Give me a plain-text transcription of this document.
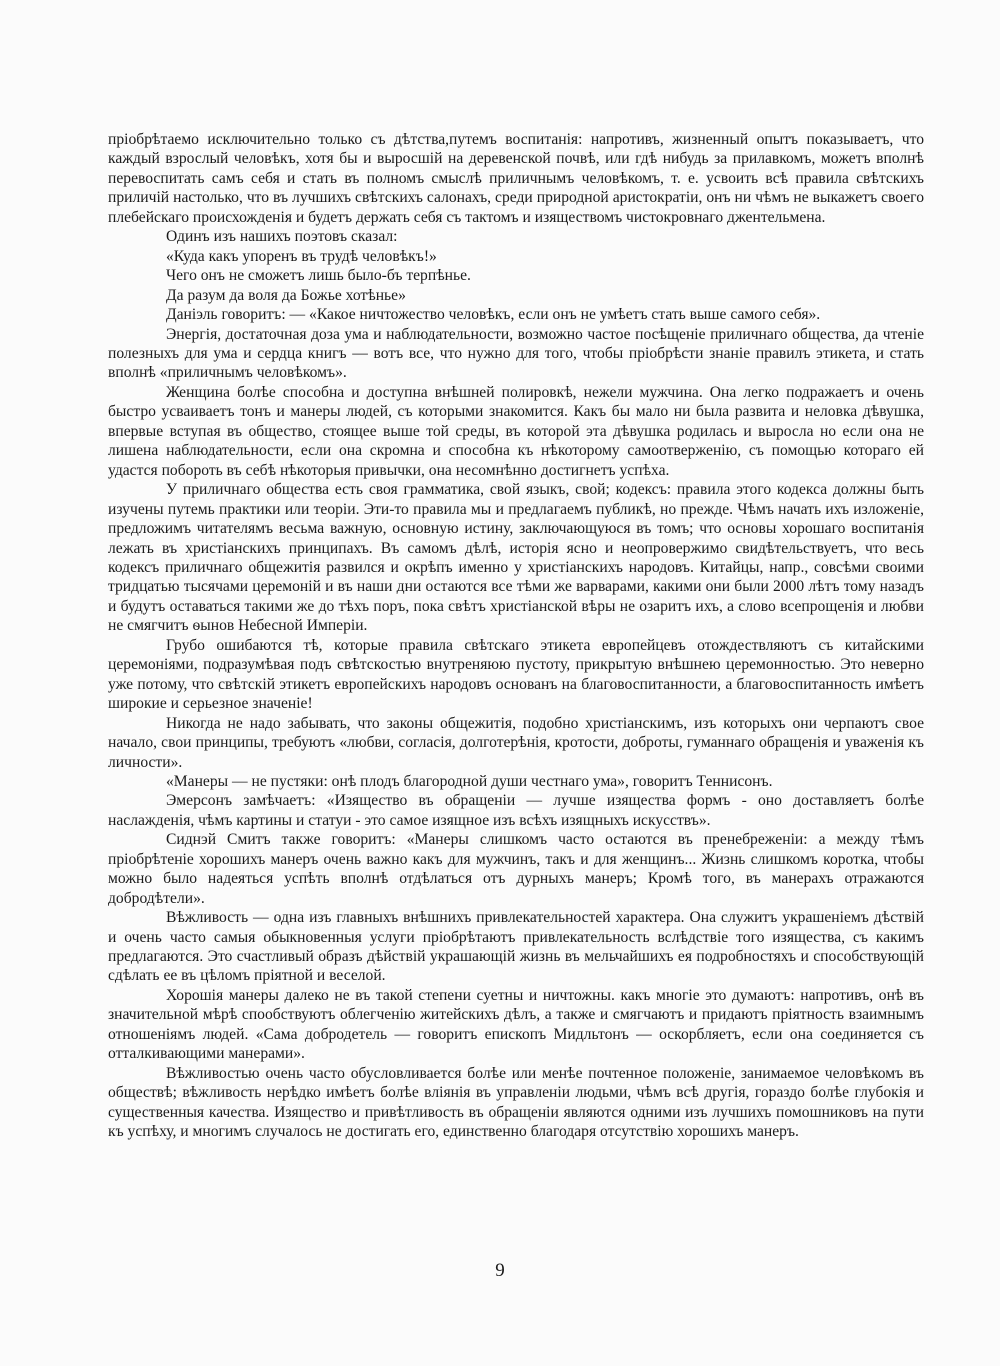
пріобрѣтаемо исключительно только съ дѣтства,путемъ воспитанія: напротивъ, жизненный опытъ показываетъ, что каждый взрослый человѣкъ, хотя бы и выросшій на деревенской почвѣ, или гдѣ нибудь за прилавкомъ, можетъ вполнѣ перевоспитать самъ себя и стать въ полномъ смыслѣ приличнымъ человѣкомъ, т. е. усвоить всѣ правила свѣтскихъ приличій настолько, что въ лучшихъ свѣтскихъ салонахъ, среди природной аристократіи, онъ ни чѣмъ не выкажетъ своего плебейскаго происхожденія и будетъ держать себя съ тактомъ и изяществомъ чистокровнаго джентельмена.

Одинъ изъ нашихъ поэтовъ сказал:

«Куда какъ упоренъ въ трудѣ человѣкъ!»

Чего онъ не сможетъ лишь было-бъ терпѣнье.

Да разум да воля да Божье хотѣнье»

Даніэль говоритъ: — «Какое ничтожество человѣкъ, если онъ не умѣетъ стать выше самого себя».

Энергія, достаточная доза ума и наблюдательности, возможно частое посѣщеніе приличнаго общества, да чтеніе полезныхъ для ума и сердца книгъ — вотъ все, что нужно для того, чтобы пріобрѣсти знаніе правилъ этикета, и стать вполнѣ «приличнымъ человѣкомъ».

Женщина болѣе способна и доступна внѣшней полировкѣ, нежели мужчина. Она легко подражаетъ и очень быстро усваиваетъ тонъ и манеры людей, съ которыми знакомится. Какъ бы мало ни была развита и неловка дѣвушка, впервые вступая въ общество, стоящее выше той среды, въ которой эта дѣвушка родилась и выросла но если она не лишена наблюдательности, если она скромна и способна къ нѣкоторому самоотверженію, съ помощью котораго ей удастся побороть въ себѣ нѣкоторыя привычки, она несомнѣнно достигнетъ успѣха.

У приличнаго общества есть своя грамматика, свой языкъ, свой; кодексъ: правила этого кодекса должны быть изучены путемь практики или теоріи. Эти-то правила мы и предлагаемъ публикѣ, но прежде. Чѣмъ начать ихъ изложеніе, предложимъ читателямъ весьма важную, основную истину, заключающуюся въ томъ; что основы хорошаго воспитанія лежать въ христіанскихъ принципахъ. Въ самомъ дѣлѣ, исторія ясно и неопровержимо свидѣтельствуетъ, что весь кодексъ приличнаго общежитія развился и окрѣпъ именно у христіанскихъ народовъ. Китайцы, напр., совсѣми своими тридцатью тысячами церемоній и въ наши дни остаются все тѣми же варварами, какими они были 2000 лѣтъ тому назадъ и будутъ оставаться такими же до тѣхъ поръ, пока свѣтъ христіанской вѣры не озаритъ ихъ, а слово всепрощенія и любви не смягчитъ ѳынов Небесной Имперіи.

Грубо ошибаются тѣ, которые правила свѣтскаго этикета европейцевъ отождествляютъ съ китайскими церемоніями, подразумѣвая подъ свѣтскостью внутреняюю пустоту, прикрытую внѣшнею церемонностью. Это неверно уже потому, что свѣтскій этикетъ европейскихъ народовъ основанъ на благовоспитанности, а благовоспитанность имѣетъ широкие и серьезное значеніе!

Никогда не надо забывать, что законы общежитія, подобно христіанскимъ, изъ которыхъ они черпаютъ свое начало, свои принципы, требуютъ «любви, согласія, долготерѣнія, кротости, доброты, гуманнаго обращенія и уваженія къ личности».

«Манеры — не пустяки: онѣ плодъ благородной души честнаго ума», говоритъ Теннисонъ.

Эмерсонъ замѣчаетъ: «Изящество въ обращеніи — лучше изящества формъ - оно доставляетъ болѣе наслажденія, чѣмъ картины и статуи - это самое изящное изъ всѣхъ изящныхъ искусствъ».

Сиднэй Смитъ также говоритъ: «Манеры слишкомъ часто остаются въ пренебреженіи: а между тѣмъ пріобрѣтеніе хорошихъ манеръ очень важно какъ для мужчинъ, такъ и для женщинъ... Жизнь слишкомъ коротка, чтобы можно было надеяться успѣть вполнѣ отдѣлаться отъ дурныхъ манеръ; Кромѣ того, въ манерахъ отражаются добродѣтели».

Вѣжливость — одна изъ главныхъ внѣшнихъ привлекательностей характера. Она служитъ украшеніемъ дѣствій и очень часто самыя обыкновенныя услуги пріобрѣтаютъ привлекательность вслѣдствіе того изящества, съ какимъ предлагаются. Это счастливый образъ дѣйствій украшающій жизнь въ мельчайшихъ ея подробностяхъ и способствующій сдѣлать ее въ цѣломъ пріятной и веселой.

Хорошія манеры далеко не въ такой степени суетны и ничтожны. какъ многіе это думаютъ: напротивъ, онѣ въ значительной мѣрѣ спообствуютъ облегченію житейскихъ дѣлъ, а также и смягчаютъ и придаютъ пріятность взаимнымъ отношеніямъ людей. «Сама добродетель — говоритъ епископъ Мидльтонъ — оскорбляетъ, если она соединяется съ отталкивающими манерами».

Вѣжливостью очень часто обусловливается болѣе или менѣе почтенное положеніе, занимаемое человѣкомъ въ обществѣ; вѣжливость нерѣдко имѣетъ болѣе вліянія въ управленіи людьми, чѣмъ всѣ другія, гораздо болѣе глубокія и существенныя качества. Изящество и привѣтливость въ обращеніи являются одними изъ лучшихъ помошниковъ на пути къ успѣху, и многимъ случалось не достигать его, единственно благодаря отсутствію хорошихъ манеръ.

9
